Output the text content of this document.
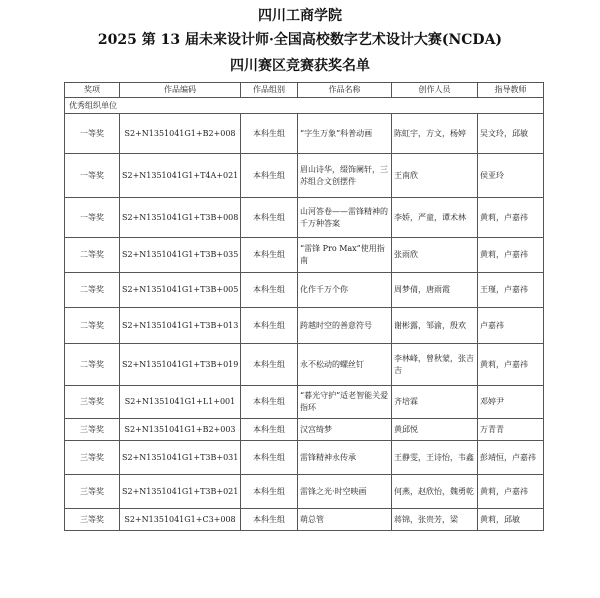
四川工商学院
2025 第 13 届未来设计师·全国高校数字艺术设计大赛(NCDA)
四川赛区竞赛获奖名单
奖项	作品编码	作品组别	作品名称	创作人员	指导教师
优秀组织单位					
一等奖	S2+N1351041G1+B2+008	本科生组	“字生万象”科普动画	陈虹宇，方文，杨婷	吴文玲，邱敏
一等奖	S2+N1351041G1+T4A+021	本科生组	眉山诗华，缀饰阑轩，三苏组合文创摆件	王南欣	侯亚玲
一等奖	S2+N1351041G1+T3B+008	本科生组	山河答卷——雷锋精神的千万种答案	李娇，严童，谭术林	黄莉，卢嘉祎
二等奖	S2+N1351041G1+T3B+035	本科生组	“雷锋 Pro Max”使用指南	张雨欣	黄莉，卢嘉祎
二等奖	S2+N1351041G1+T3B+005	本科生组	化作千万个你	周梦倩，唐雨霞	王瑾，卢嘉祎
二等奖	S2+N1351041G1+T3B+013	本科生组	跨越时空的善意符号	谢彬露，邹渝，殷欢	卢嘉祎
二等奖	S2+N1351041G1+T3B+019	本科生组	永不松动的螺丝钉	李林峰，曾秋蒙，张吉吉	黄莉，卢嘉祎
三等奖	S2+N1351041G1+L1+001	本科生组	“暮光守护”适老智能关爱指环	齐培霖	邓婷尹
三等奖	S2+N1351041G1+B2+003	本科生组	汉宫绮梦	黄邱悦	万青青
三等奖	S2+N1351041G1+T3B+031	本科生组	雷锋精神永传承	王静雯，王诗怡，韦鑫	彭靖恒，卢嘉祎
三等奖	S2+N1351041G1+T3B+021	本科生组	雷锋之光·时空映画	何燕，赵欣怡，魏勇乾	黄莉，卢嘉祎
三等奖	S2+N1351041G1+C3+008	本科生组	萌总管	蒋锦，张贵芳，梁	黄莉，邱敏
